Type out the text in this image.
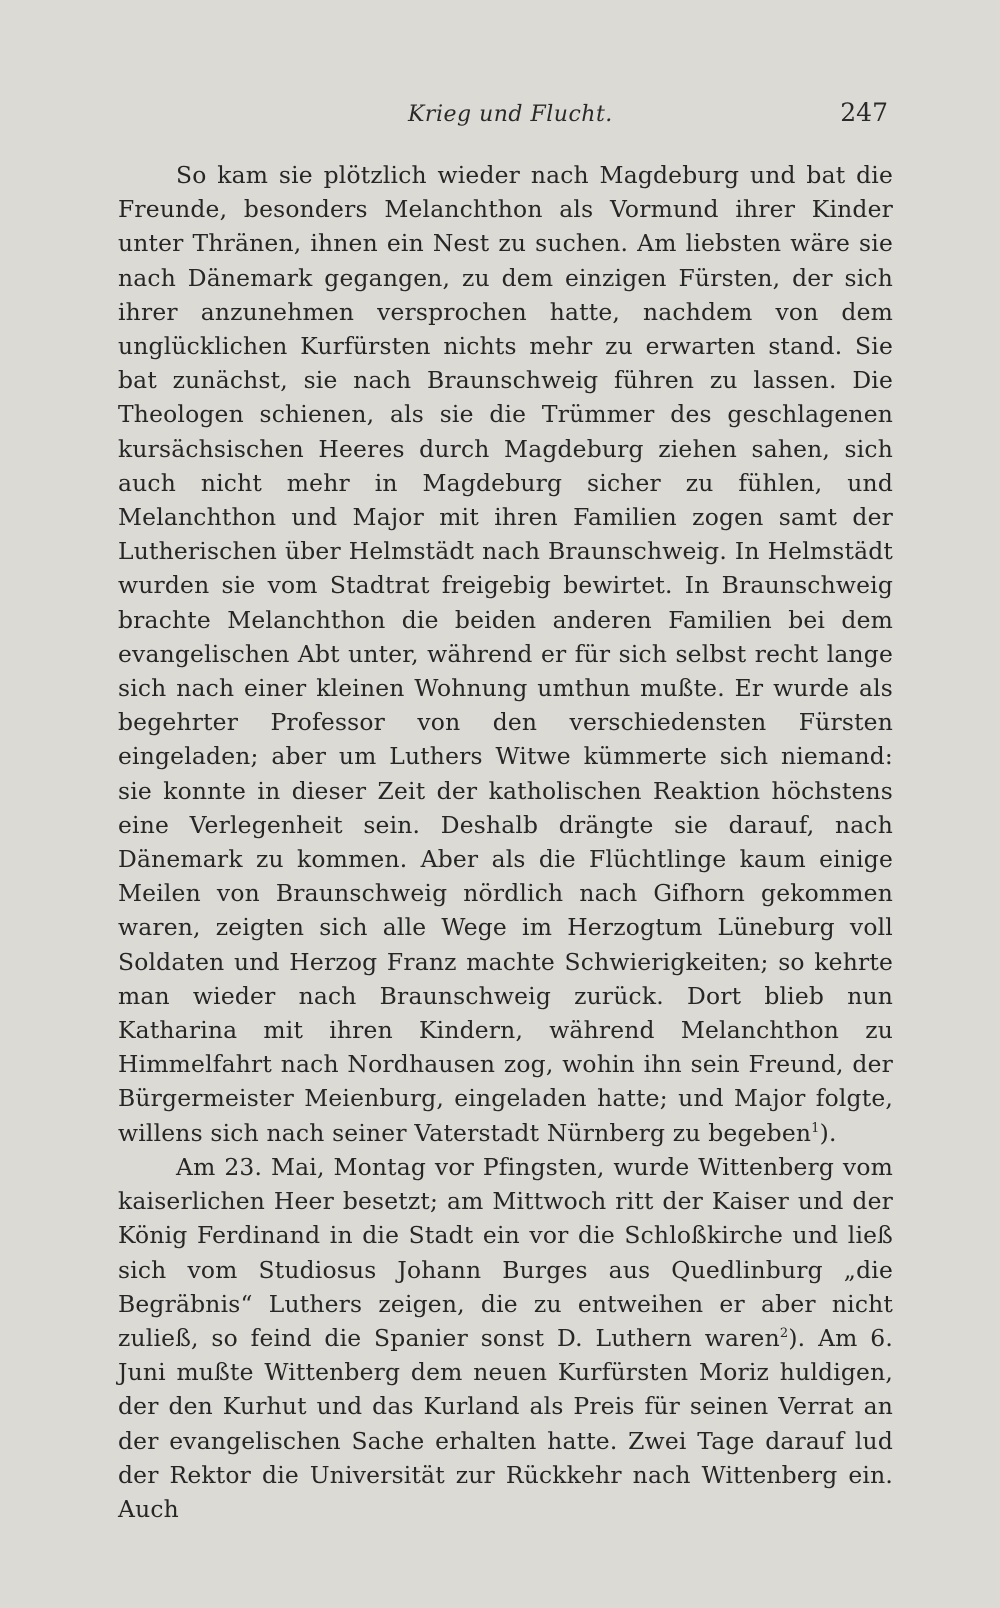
Krieg und Flucht.	247

So kam sie plötzlich wieder nach Magdeburg und bat die Freunde, besonders Melanchthon als Vormund ihrer Kinder unter Thränen, ihnen ein Nest zu suchen. Am liebsten wäre sie nach Dänemark gegangen, zu dem einzigen Fürsten, der sich ihrer anzunehmen versprochen hatte, nachdem von dem unglücklichen Kurfürsten nichts mehr zu erwarten stand. Sie bat zunächst, sie nach Braunschweig führen zu lassen. Die Theologen schienen, als sie die Trümmer des geschlagenen kursächsischen Heeres durch Magdeburg ziehen sahen, sich auch nicht mehr in Magdeburg sicher zu fühlen, und Melanchthon und Major mit ihren Familien zogen samt der Lutherischen über Helmstädt nach Braunschweig. In Helmstädt wurden sie vom Stadtrat freigebig bewirtet. In Braunschweig brachte Melanchthon die beiden anderen Familien bei dem evangelischen Abt unter, während er für sich selbst recht lange sich nach einer kleinen Wohnung umthun mußte. Er wurde als begehrter Professor von den verschiedensten Fürsten eingeladen; aber um Luthers Witwe kümmerte sich niemand: sie konnte in dieser Zeit der katholischen Reaktion höchstens eine Verlegenheit sein. Deshalb drängte sie darauf, nach Dänemark zu kommen. Aber als die Flüchtlinge kaum einige Meilen von Braunschweig nördlich nach Gifhorn gekommen waren, zeigten sich alle Wege im Herzogtum Lüneburg voll Soldaten und Herzog Franz machte Schwierigkeiten; so kehrte man wieder nach Braunschweig zurück. Dort blieb nun Katharina mit ihren Kindern, während Melanchthon zu Himmelfahrt nach Nordhausen zog, wohin ihn sein Freund, der Bürgermeister Meienburg, eingeladen hatte; und Major folgte, willens sich nach seiner Vaterstadt Nürnberg zu begeben$^1$).

Am 23. Mai, Montag vor Pfingsten, wurde Wittenberg vom kaiserlichen Heer besetzt; am Mittwoch ritt der Kaiser und der König Ferdinand in die Stadt ein vor die Schloßkirche und ließ sich vom Studiosus Johann Burges aus Quedlinburg „die Begräbnis“ Luthers zeigen, die zu entweihen er aber nicht zuließ, so feind die Spanier sonst D. Luthern waren$^2$). Am 6. Juni mußte Wittenberg dem neuen Kurfürsten Moriz huldigen, der den Kurhut und das Kurland als Preis für seinen Verrat an der evangelischen Sache erhalten hatte. Zwei Tage darauf lud der Rektor die Universität zur Rückkehr nach Wittenberg ein. Auch
